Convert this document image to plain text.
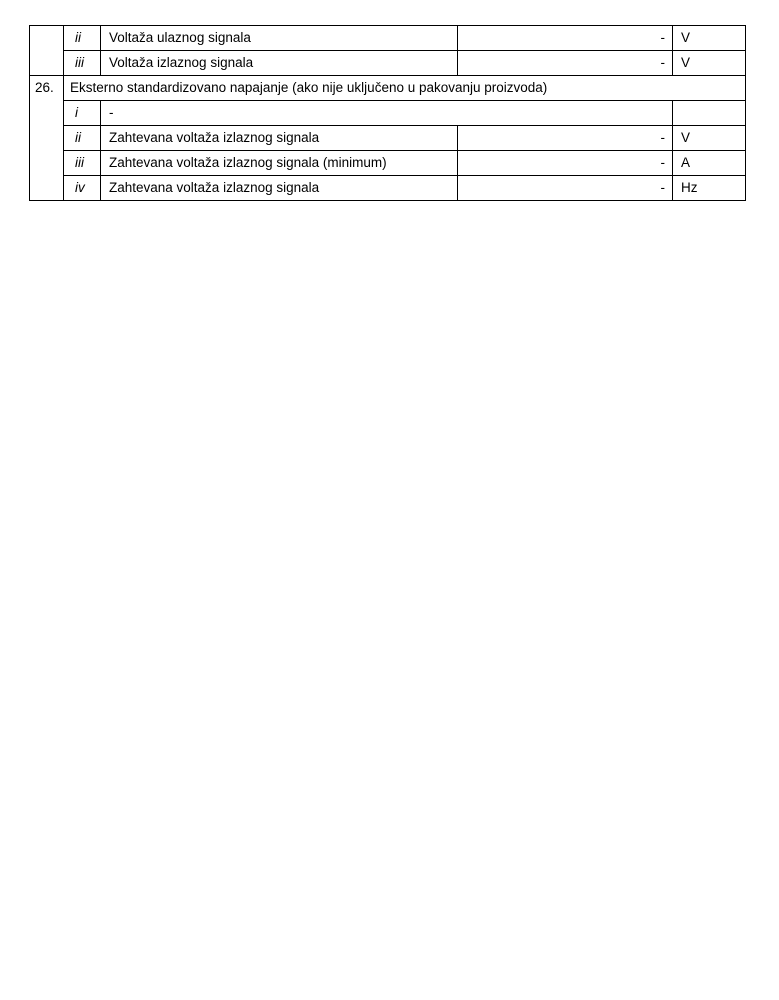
	ii	Voltaža ulaznog signala	-	V
	iii	Voltaža izlaznog signala	-	V
26.	Eksterno standardizovano napajanje (ako nije uključeno u pakovanju proizvoda)			
	i	-		
	ii	Zahtevana voltaža izlaznog signala	-	V
	iii	Zahtevana voltaža izlaznog signala (minimum)	-	A
	iv	Zahtevana voltaža izlaznog signala	-	Hz
